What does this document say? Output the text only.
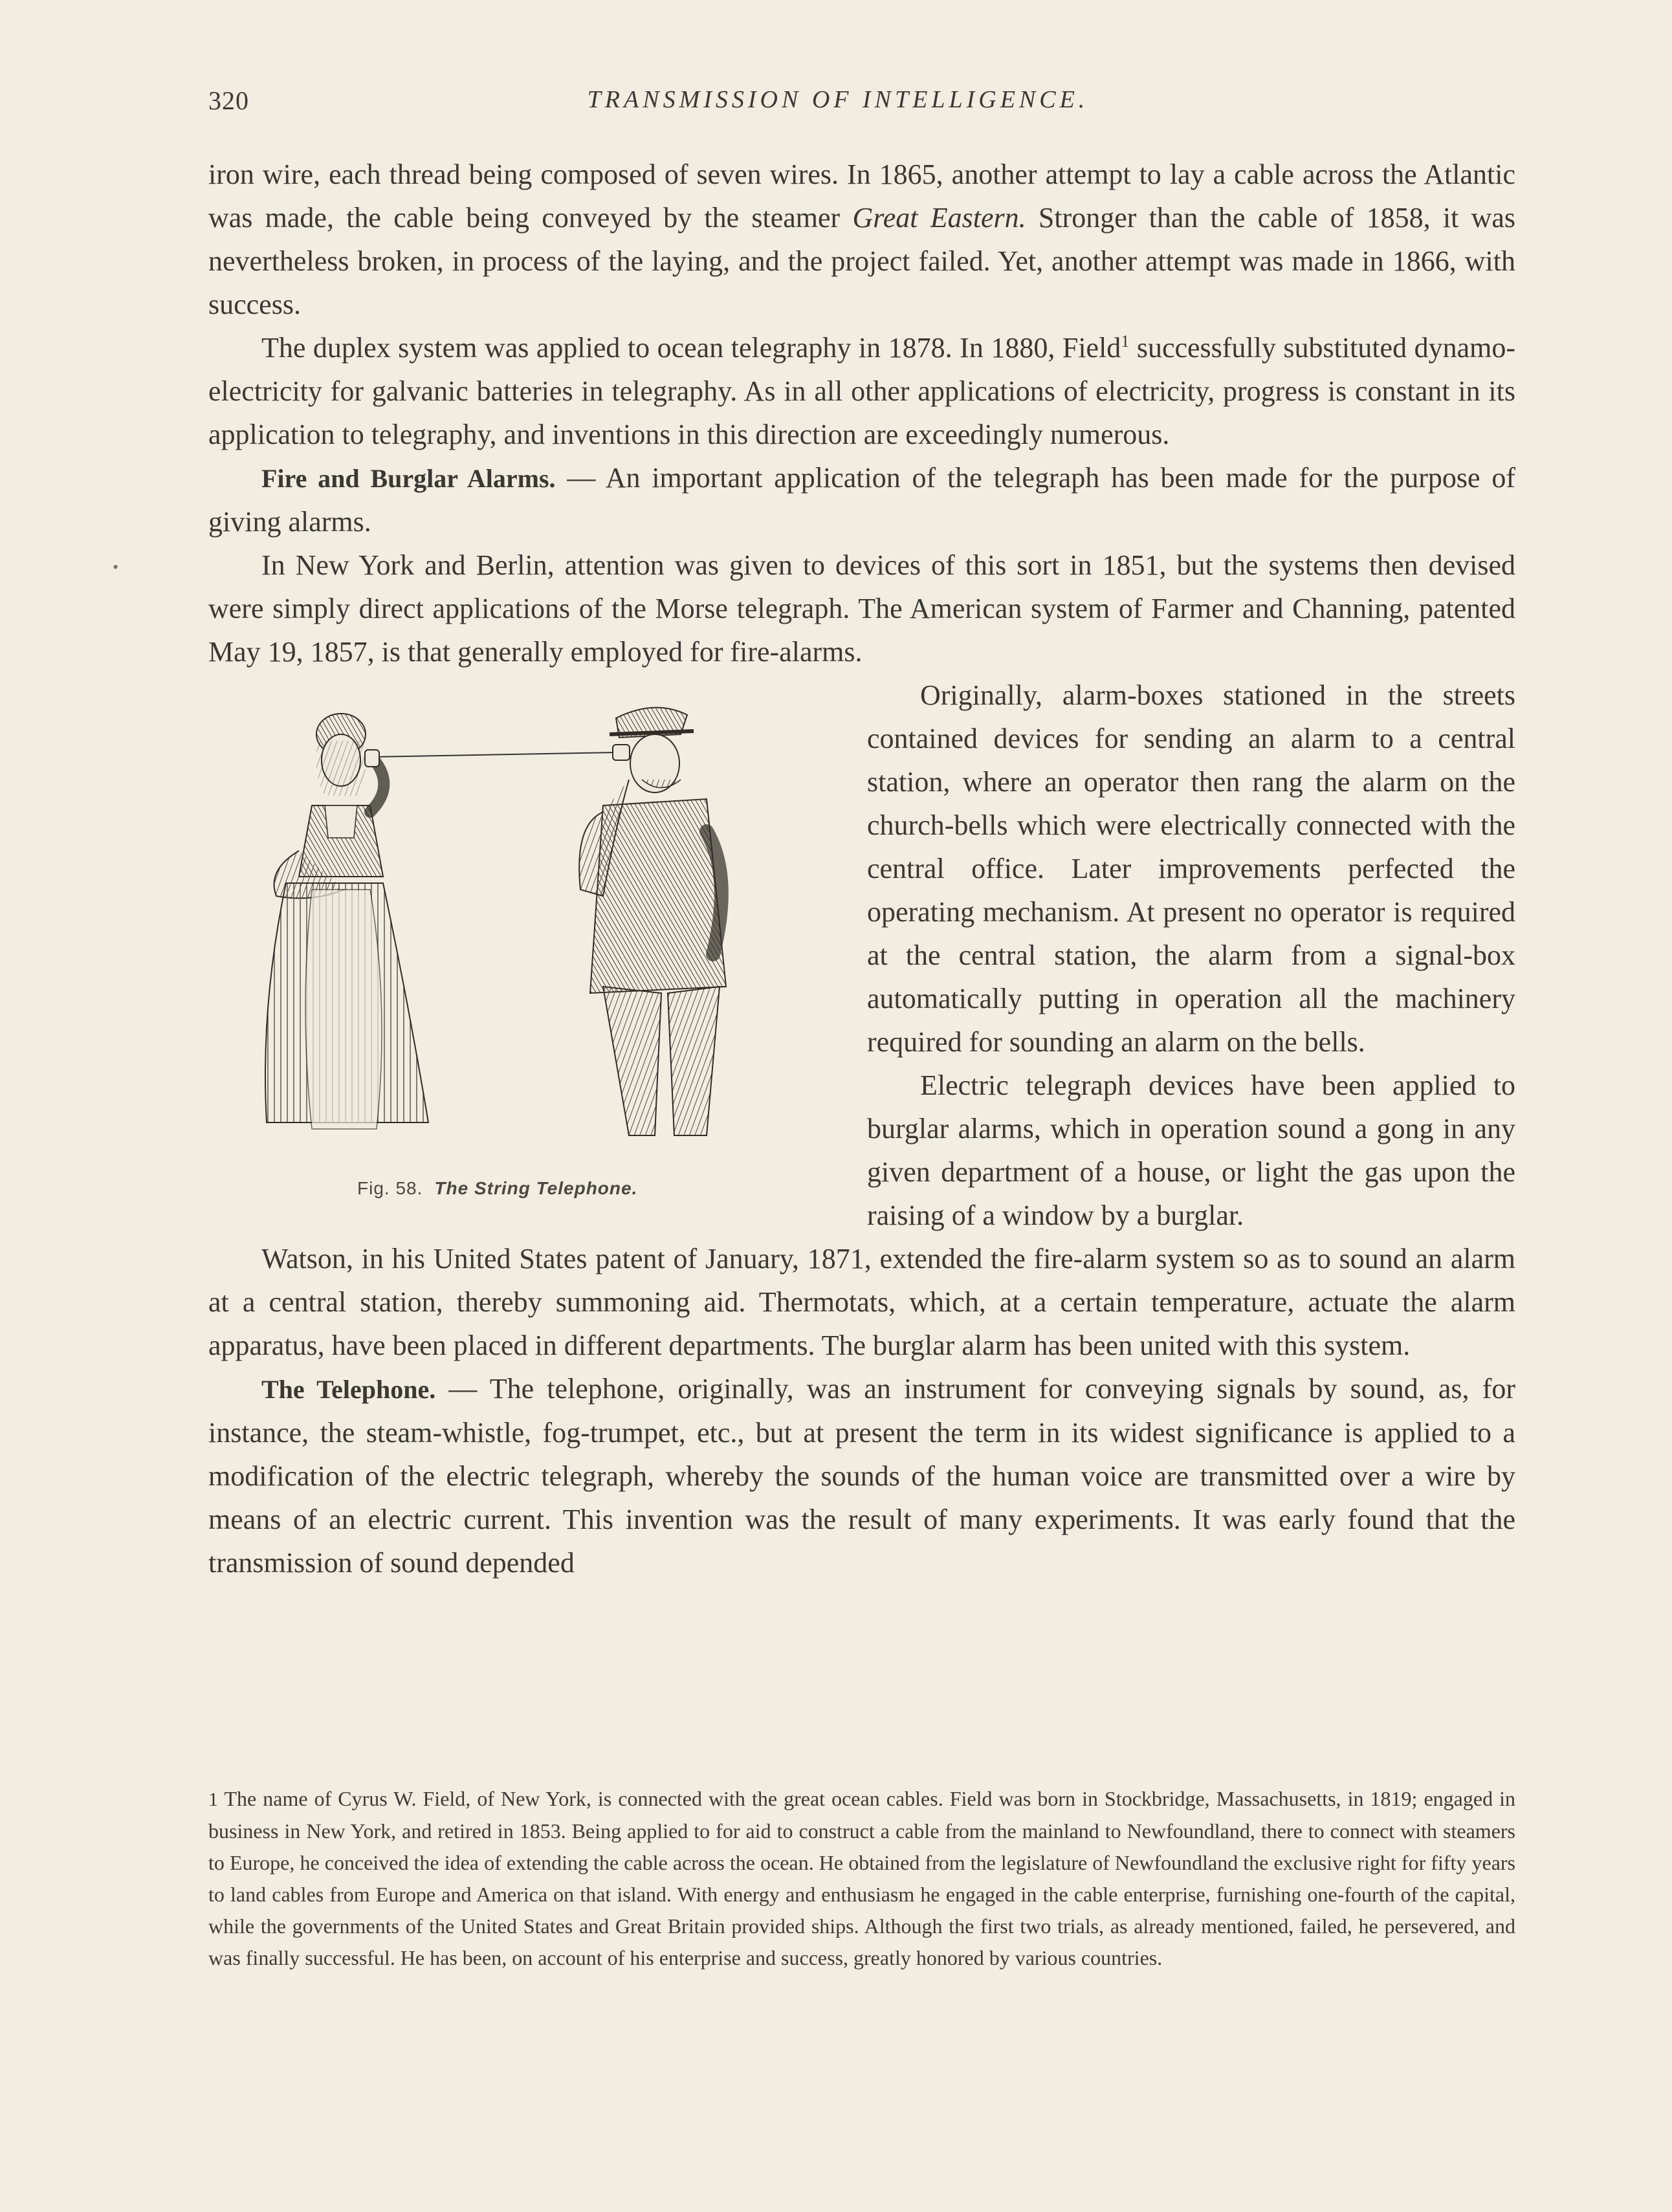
320	TRANSMISSION OF INTELLIGENCE.
•

iron wire, each thread being composed of seven wires. In 1865, another attempt to lay a cable across the Atlantic was made, the cable being conveyed by the steamer Great Eastern. Stronger than the cable of 1858, it was nevertheless broken, in process of the laying, and the project failed. Yet, another attempt was made in 1866, with success.

The duplex system was applied to ocean telegraphy in 1878. In 1880, Field$^1$ successfully substituted dynamo-electricity for galvanic batteries in telegraphy. As in all other applications of electricity, progress is constant in its application to telegraphy, and inventions in this direction are exceedingly numerous.

Fire and Burglar Alarms. — An important application of the telegraph has been made for the purpose of giving alarms.

In New York and Berlin, attention was given to devices of this sort in 1851, but the systems then devised were simply direct applications of the Morse telegraph. The American system of Farmer and Channing, patented May 19, 1857, is that generally employed for fire-alarms.

Fig. 58. The String Telephone.

Originally, alarm-boxes stationed in the streets contained devices for sending an alarm to a central station, where an operator then rang the alarm on the church-bells which were electrically connected with the central office. Later improvements perfected the operating mechanism. At present no operator is required at the central station, the alarm from a signal-box automatically putting in operation all the machinery required for sounding an alarm on the bells.

Electric telegraph devices have been applied to burglar alarms, which in operation sound a gong in any given department of a house, or light the gas upon the raising of a window by a burglar.

Watson, in his United States patent of January, 1871, extended the fire-alarm system so as to sound an alarm at a central station, thereby summoning aid. Thermotats, which, at a certain temperature, actuate the alarm apparatus, have been placed in different departments. The burglar alarm has been united with this system.

The Telephone. — The telephone, originally, was an instrument for conveying signals by sound, as, for instance, the steam-whistle, fog-trumpet, etc., but at present the term in its widest significance is applied to a modification of the electric telegraph, whereby the sounds of the human voice are transmitted over a wire by means of an electric current. This invention was the result of many experiments. It was early found that the transmission of sound depended

1 The name of Cyrus W. Field, of New York, is connected with the great ocean cables. Field was born in Stockbridge, Massachusetts, in 1819; engaged in business in New York, and retired in 1853. Being applied to for aid to construct a cable from the mainland to Newfoundland, there to connect with steamers to Europe, he conceived the idea of extending the cable across the ocean. He obtained from the legislature of Newfoundland the exclusive right for fifty years to land cables from Europe and America on that island. With energy and enthusiasm he engaged in the cable enterprise, furnishing one-fourth of the capital, while the governments of the United States and Great Britain provided ships. Although the first two trials, as already mentioned, failed, he persevered, and was finally successful. He has been, on account of his enterprise and success, greatly honored by various countries.
